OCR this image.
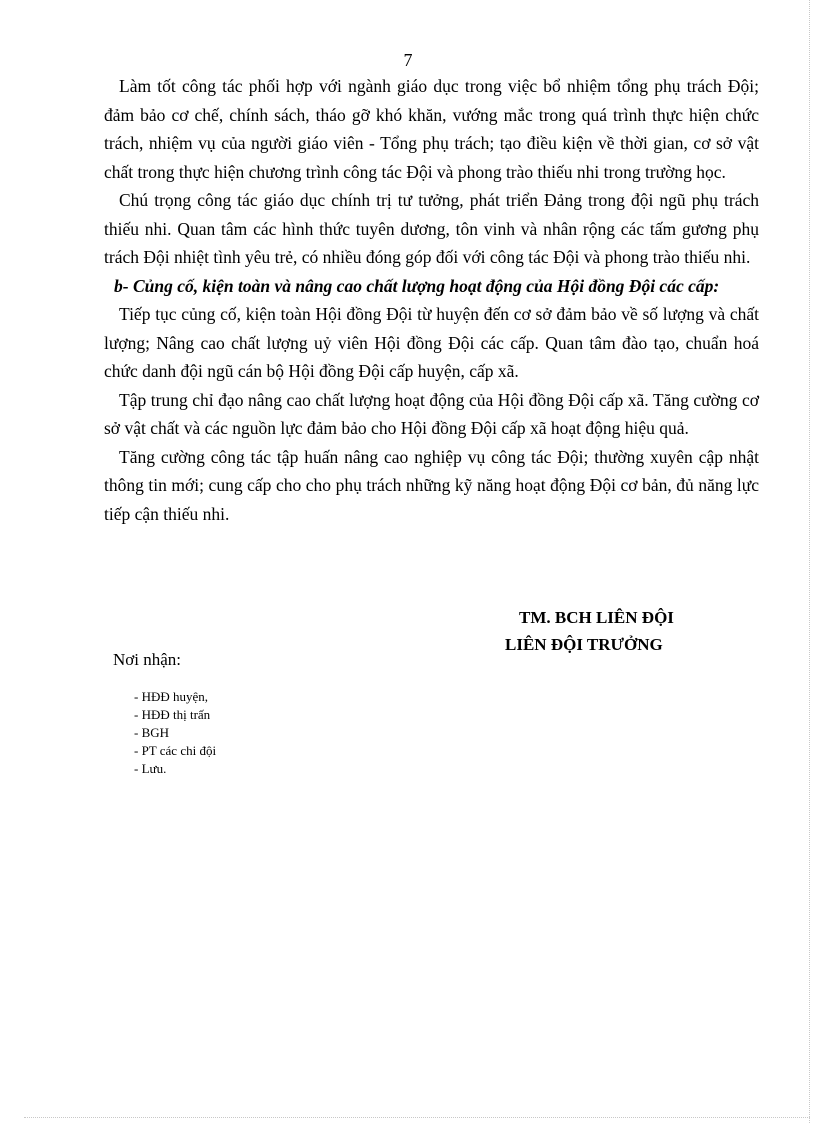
7

Làm tốt công tác phối hợp với ngành giáo dục trong việc bổ nhiệm tổng phụ trách Đội; đảm bảo cơ chế, chính sách, tháo gỡ khó khăn, vướng mắc trong quá trình thực hiện chức trách, nhiệm vụ của người giáo viên - Tổng phụ trách; tạo điều kiện về thời gian, cơ sở vật chất trong thực hiện chương trình công tác Đội và phong trào thiếu nhi trong trường học.

Chú trọng công tác giáo dục chính trị tư tưởng, phát triển Đảng trong đội ngũ phụ trách thiếu nhi. Quan tâm các hình thức tuyên dương, tôn vinh và nhân rộng các tấm gương phụ trách Đội nhiệt tình yêu trẻ, có nhiều đóng góp đối với công tác Đội và phong trào thiếu nhi.

b- Củng cố, kiện toàn và nâng cao chất lượng hoạt động của Hội đồng Đội các cấp:

Tiếp tục củng cố, kiện toàn Hội đồng Đội từ huyện đến cơ sở đảm bảo về số lượng và chất lượng; Nâng cao chất lượng uỷ viên Hội đồng Đội các cấp. Quan tâm đào tạo, chuẩn hoá chức danh đội ngũ cán bộ Hội đồng Đội cấp huyện, cấp xã.

Tập trung chỉ đạo nâng cao chất lượng hoạt động của Hội đồng Đội cấp xã. Tăng cường cơ sở vật chất và các nguồn lực đảm bảo cho Hội đồng Đội cấp xã hoạt động hiệu quả.

Tăng cường công tác tập huấn nâng cao nghiệp vụ công tác Đội; thường xuyên cập nhật thông tin mới; cung cấp cho cho phụ trách những kỹ năng hoạt động Đội cơ bản, đủ năng lực tiếp cận thiếu nhi.

TM. BCH LIÊN ĐỘI
LIÊN ĐỘI TRƯỞNG
Nơi nhận:
- HĐĐ huyện,
- HĐĐ thị trấn
- BGH
- PT các chi đội
- Lưu.
